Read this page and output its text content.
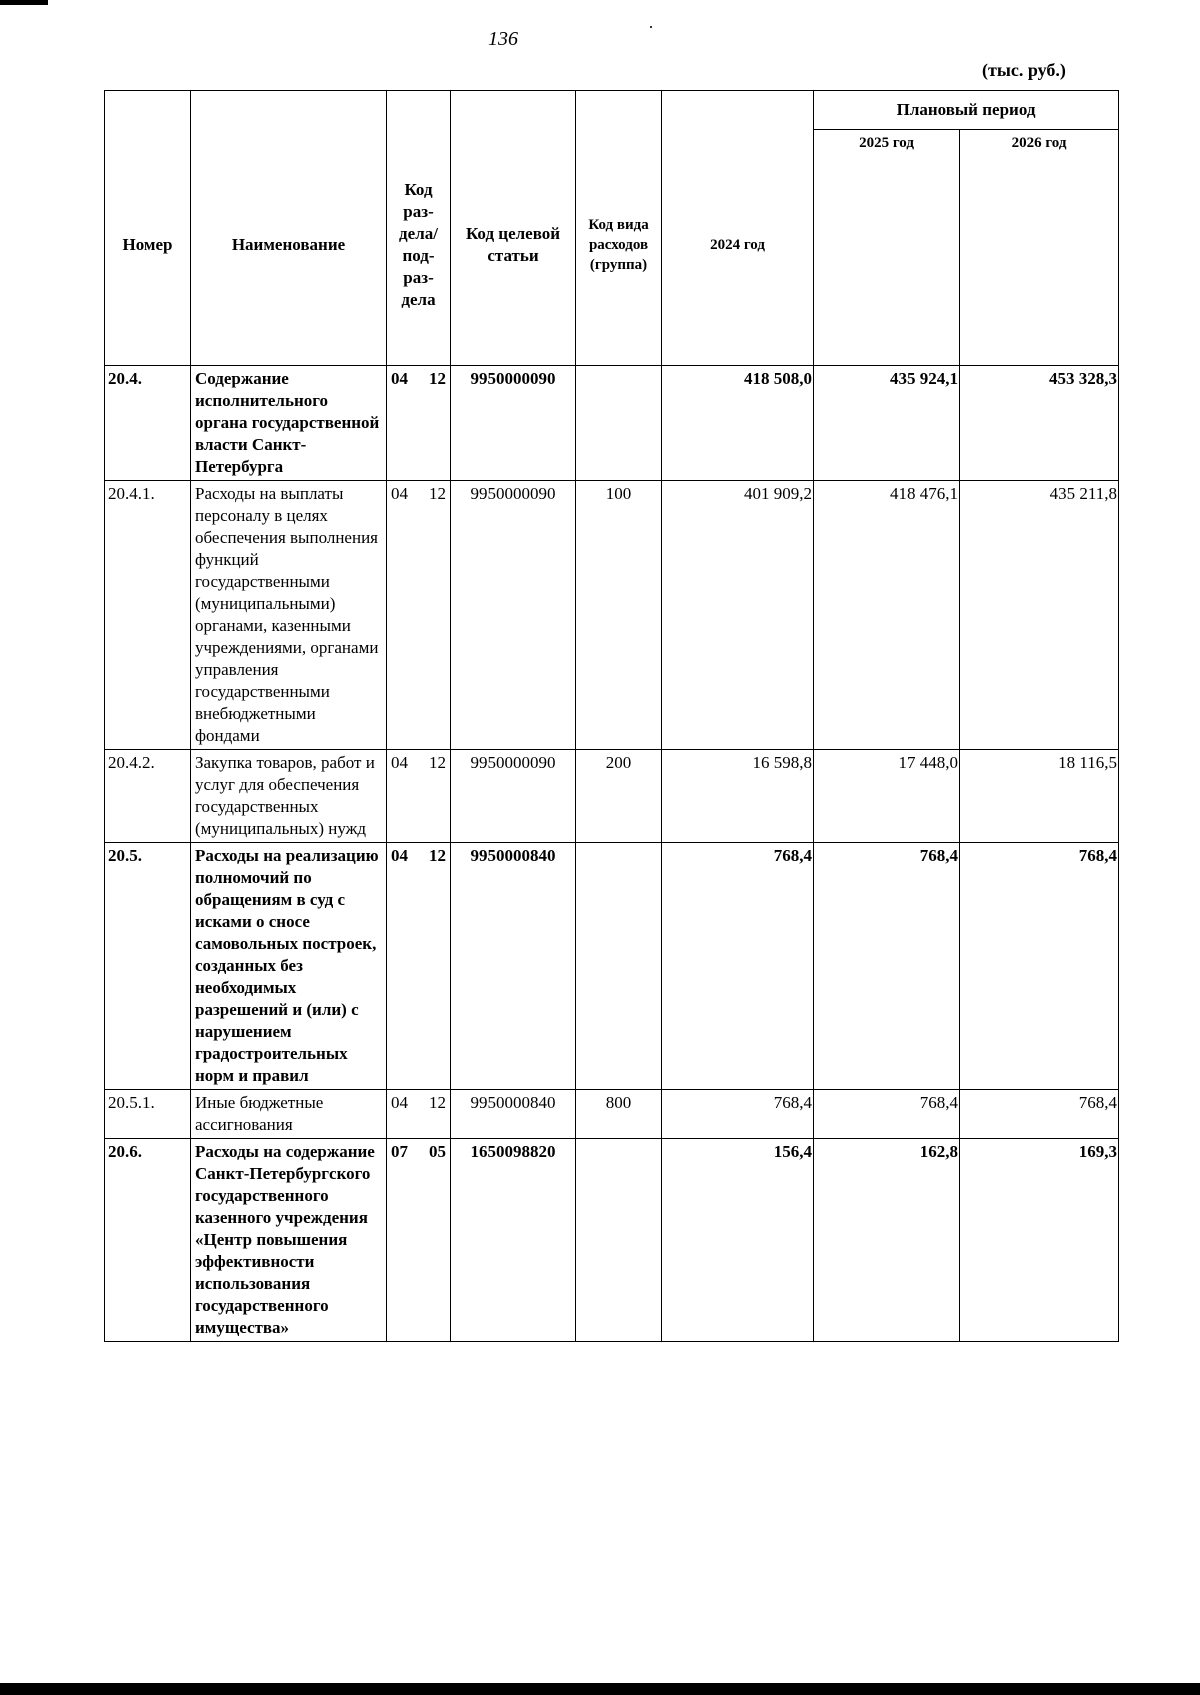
136
(тыс. руб.)
Номер	Наименование	Код раз-дела/ под-раз-дела		Код целевой статьи	Код вида расходов (группа)	2024 год	Плановый период	
							2025 год	2026 год
20.4.	Содержание исполнительного органа государственной власти Санкт-Петербурга	04	12	9950000090		418 508,0	435 924,1	453 328,3
20.4.1.	Расходы на выплаты персоналу в целях обеспечения выполнения функций государственными (муниципальными) органами, казенными учреждениями, органами управления государственными внебюджетными фондами	04	12	9950000090	100	401 909,2	418 476,1	435 211,8
20.4.2.	Закупка товаров, работ и услуг для обеспечения государственных (муниципальных) нужд	04	12	9950000090	200	16 598,8	17 448,0	18 116,5
20.5.	Расходы на реализацию полномочий по обращениям в суд с исками о сносе самовольных построек, созданных без необходимых разрешений и (или) с нарушением градостроительных норм и правил	04	12	9950000840		768,4	768,4	768,4
20.5.1.	Иные бюджетные ассигнования	04	12	9950000840	800	768,4	768,4	768,4
20.6.	Расходы на содержание Санкт-Петербургского государственного казенного учреждения «Центр повышения эффективности использования государственного имущества»	07	05	1650098820		156,4	162,8	169,3
